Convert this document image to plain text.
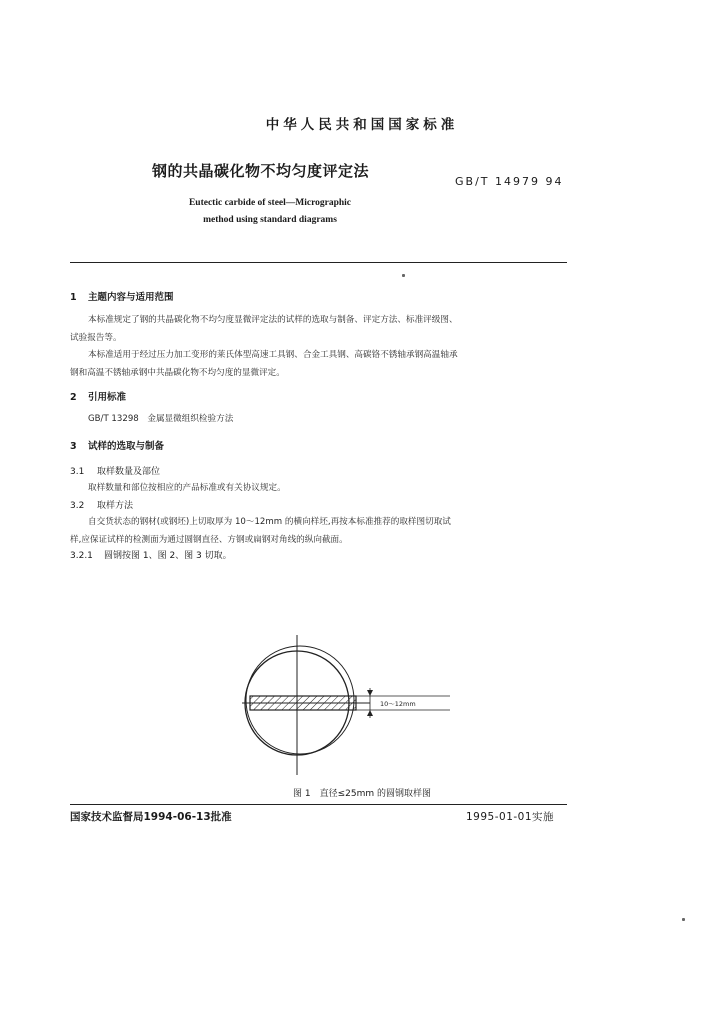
中华人民共和国国家标准
钢的共晶碳化物不均匀度评定法
GB/T 14979 94
Eutectic carbide of steel—Micrographic
method using standard diagrams
1 主题内容与适用范围
本标准规定了钢的共晶碳化物不均匀度显微评定法的试样的选取与制备、评定方法、标准评级图、
试验报告等。
本标准适用于经过压力加工变形的莱氏体型高速工具钢、合金工具钢、高碳铬不锈轴承钢高温轴承
钢和高温不锈轴承钢中共晶碳化物不均匀度的显微评定。
2 引用标准
GB/T 13298　金属显微组织检验方法
3 试样的选取与制备
3.1 取样数量及部位
取样数量和部位按相应的产品标准或有关协议规定。
3.2 取样方法
自交货状态的钢材(或钢坯)上切取厚为 10～12mm 的横向样坯,再按本标准推荐的取样图切取试
样,应保证试样的检测面为通过圆钢直径、方钢或扁钢对角线的纵向截面。
3.2.1 圆钢按图 1、图 2、图 3 切取。
10～12mm
图 1　直径≤25mm 的圆钢取样图
国家技术监督局1994-06-13批准	1995-01-01实施
